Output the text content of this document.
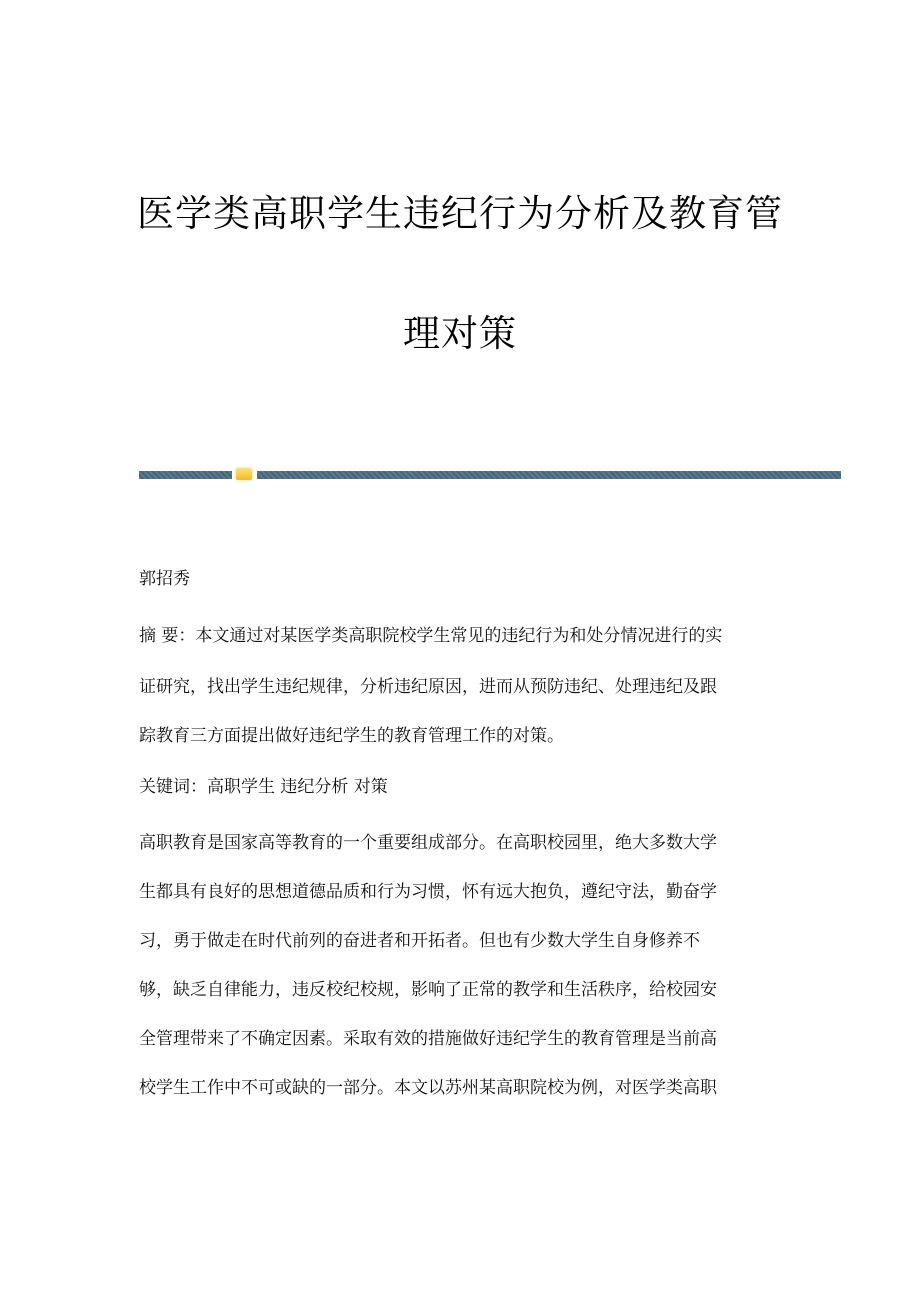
医学类高职学生违纪行为分析及教育管
理对策

郭招秀

摘 要：本文通过对某医学类高职院校学生常见的违纪行为和处分情况进行的实

证研究，找出学生违纪规律，分析违纪原因，进而从预防违纪、处理违纪及跟

踪教育三方面提出做好违纪学生的教育管理工作的对策。

关键词：高职学生 违纪分析 对策

高职教育是国家高等教育的一个重要组成部分。在高职校园里，绝大多数大学

生都具有良好的思想道德品质和行为习惯，怀有远大抱负，遵纪守法，勤奋学

习，勇于做走在时代前列的奋进者和开拓者。但也有少数大学生自身修养不

够，缺乏自律能力，违反校纪校规，影响了正常的教学和生活秩序，给校园安

全管理带来了不确定因素。采取有效的措施做好违纪学生的教育管理是当前高

校学生工作中不可或缺的一部分。本文以苏州某高职院校为例，对医学类高职
